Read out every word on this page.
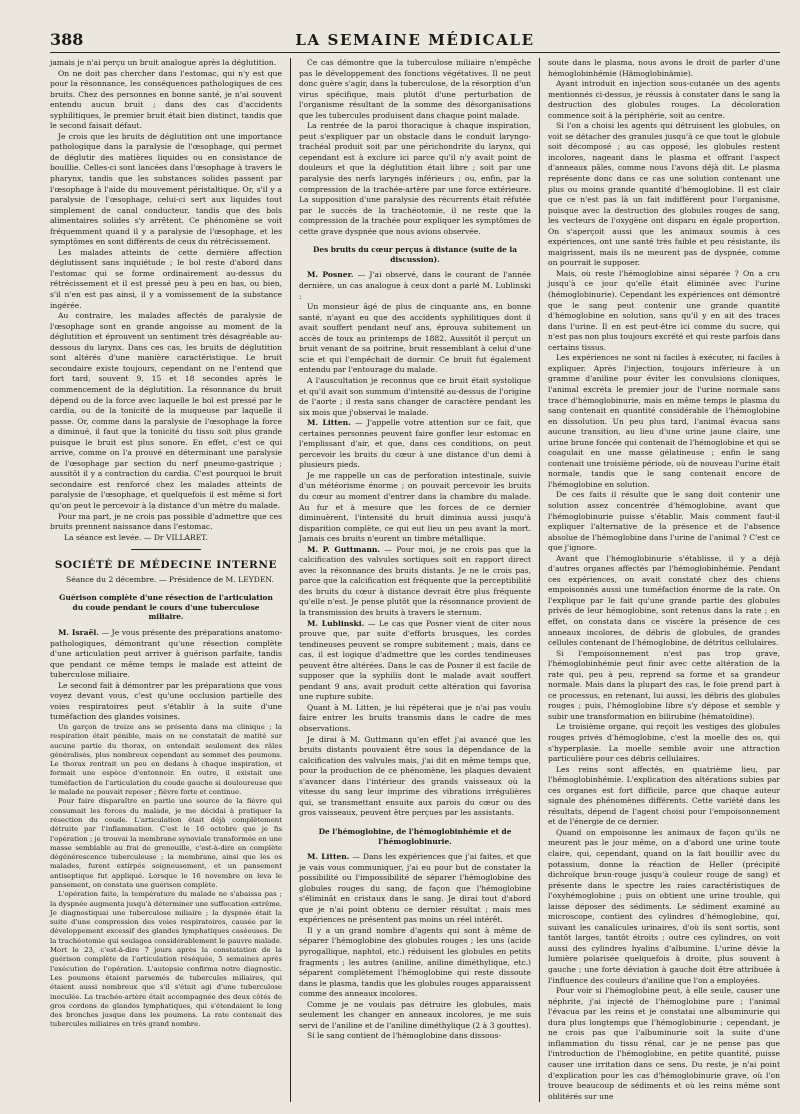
388	LA SEMAINE MÉDICALE

jamais je n'ai perçu un bruit analogue après la déglutition.

On ne doit pas chercher dans l'estomac, qui n'y est que pour la résonnance, les conséquences pathologiques de ces bruits. Chez des personnes en bonne santé, je n'ai souvent entendu aucun bruit ; dans des cas d'accidents syphilitiques, le premier bruit était bien distinct, tandis que le second faisait défaut.

Je crois que les bruits de déglutition ont une importance pathologique dans la paralysie de l'œsophage, qui permet de déglutir des matières liquides ou en consistance de bouillie. Celles-ci sont lancées dans l'œsophage à travers le pharynx, tandis que les substances solides passent par l'œsophage à l'aide du mouvement péristaltique. Or, s'il y a paralysie de l'œsophage, celui-ci sert aux liquides tout simplement de canal conducteur, tandis que des bols alimentaires solides s'y arrêtent. Ce phénomène se voit fréquemment quand il y a paralysie de l'œsophage, et les symptômes en sont différents de ceux du rétrécissement.

Les malades atteints de cette dernière affection déglutissent sans inquiétude ; le bol reste d'abord dans l'estomac qui se forme ordinairement au-dessus du rétrécissement et il est pressé peu à peu en bas, ou bien, s'il n'en est pas ainsi, il y a vomissement de la substance ingérée.

Au contraire, les malades affectés de paralysie de l'œsophage sont en grande angoisse au moment de la déglutition et éprouvent un sentiment très désagréable au-dessous du larynx. Dans ces cas, les bruits de déglutition sont altérés d'une manière caractéristique. Le bruit secondaire existe toujours, cependant on ne l'entend que fort tard, souvent 9, 15 et 18 secondes après le commencement de la déglutition. La résonnance du bruit dépend ou de la force avec laquelle le bol est pressé par le cardia, ou de la tonicité de la muqueuse par laquelle il passe. Or, comme dans la paralysie de l'œsophage la force a diminué, il faut que la tonicité du tissu soit plus grande puisque le bruit est plus sonore. En effet, c'est ce qui arrive, comme on l'a prouvé en déterminant une paralysie de l'œsophage par section du nerf pneumo-gastrique ; aussitôt il y a contraction du cardia. C'est pourquoi le bruit secondaire est renforcé chez les malades atteints de paralysie de l'œsophage, et quelquefois il est même si fort qu'on peut le percevoir à la distance d'un mètre du malade.

Pour ma part, je ne crois pas possible d'admettre que ces bruits prennent naissance dans l'estomac.

La séance est levée. — Dr VILLARET.

SOCIÉTÉ DE MÉDECINE INTERNE

Séance du 2 décembre. — Présidence de M. LEYDEN.

Guérison complète d'une résection de l'articulation du coude pendant le cours d'une tuberculose miliaire.

M. Israël. — Je vous présente des préparations anatomo-pathologiques, démontrant qu'une résection complète d'une articulation peut arriver à guérison parfaite, tandis que pendant ce même temps le malade est atteint de tuberculose miliaire.

Le second fait à démontrer par les préparations que vous voyez devant vous, c'est qu'une occlusion partielle des voies respiratoires peut s'établir à la suite d'une tuméfaction des glandes voisines.

Un garçon de treize ans se présenta dans ma clinique ; la respiration était pénible, mais on ne constatait de matité sur aucune partie du thorax, on entendait seulement des râles généralisés, plus nombreux cependant au sommet des poumons. Le thorax rentrait un peu en dedans à chaque inspiration, et formait une espèce d'entonnoir. En outre, il existait une tuméfaction de l'articulation du coude gauche si douloureuse que le malade ne pouvait reposer ; fièvre forte et continue.

Pour faire disparaître en partie une source de la fièvre qui consumait les forces du malade, je me décidai à pratiquer la résection du coude. L'articulation était déjà complètement détruite par l'inflammation. C'est le 16 octobre que je fis l'opération ; je trouvai la membrane synoviale transformée en une masse semblable au frai de grenouille, c'est-à-dire en complète dégénérescence tuberculeuse ; la membrane, ainsi que les os malades, furent extirpés soigneusement, et un pansement antiseptique fut appliqué. Lorsque le 16 novembre on leva le pansement, on constata une guérison complète.

L'opération faite, la température du malade ne s'abaissa pas ; la dyspnée augmenta jusqu'à déterminer une suffocation extrême. Je diagnostiquai une tuberculose miliaire ; la dyspnée était la suite d'une compression des voies respiratoires, causée par le développement excessif des glandes lymphatiques caséeuses. De la trachéotomie qui soulagea considérablement le pauvre malade. Mort le 23, c'est-à-dire 7 jours après la constatation de la guérison complète de l'articulation réséquée, 5 semaines après l'exécution de l'opération. L'autopsie confirma notre diagnostic. Les poumons étaient parsemés de tubercules miliaires, qui étaient aussi nombreux que s'il s'était agi d'une tuberculose inoculée. La trachée-artère était accompagnée des deux côtés de gros cordons de glandes lymphatiques, qui s'étendaient le long des bronches jusque dans les poumons. La rate contenait des tubercules miliaires en très grand nombre.

Ce cas démontre que la tuberculose miliaire n'empêche pas le développement des fonctions végétatives. Il ne peut donc guère s'agir, dans la tuberculose, de la résorption d'un virus spécifique, mais plutôt d'une perturbation de l'organisme résultant de la somme des désorganisations que les tubercules produisent dans chaque point malade.

La rentrée de la paroi thoracique à chaque inspiration, peut s'expliquer par un obstacle dans le conduit laryngo-trachéal produit soit par une périchondrite du larynx, qui cependant est à exclure ici parce qu'il n'y avait point de douleurs et que la déglutition était libre ; soit par une paralysie des nerfs laryngés inférieurs ; ou, enfin, par la compression de la trachée-artère par une force extérieure. La supposition d'une paralysie des récurrents était réfutée par le succès de la trachéotomie, il ne reste que la compression de la trachée pour expliquer les symptômes de cette grave dyspnée que nous avions observée.

Des bruits du cœur perçus à distance (suite de la discussion).

M. Posner. — J'ai observé, dans le courant de l'année dernière, un cas analogue à ceux dont a parlé M. Lublinski :

Un monsieur âgé de plus de cinquante ans, en bonne santé, n'ayant eu que des accidents syphilitiques dont il avait souffert pendant neuf ans, éprouva subitement un accès de toux au printemps de 1882. Aussitôt il perçut un bruit venant de sa poitrine, bruit ressemblant à celui d'une scie et qui l'empêchait de dormir. Ce bruit fut également entendu par l'entourage du malade.

A l'auscultation je reconnus que ce bruit était systolique et qu'il avait son summum d'intensité au-dessus de l'origine de l'aorte ; il resta sans changer de caractère pendant les six mois que j'observai le malade.

M. Litten. — J'appelle votre attention sur ce fait, que certaines personnes peuvent faire gonfler leur estomac en l'emplissant d'air, et que, dans ces conditions, on peut percevoir les bruits du cœur à une distance d'un demi à plusieurs pieds.

Je me rappelle un cas de perforation intestinale, suivie d'un météorisme énorme ; on pouvait percevoir les bruits du cœur au moment d'entrer dans la chambre du malade. Au fur et à mesure que les forces de ce dernier diminuèrent, l'intensité du bruit diminua aussi jusqu'à disparition complète, ce qui eut lieu un peu avant la mort. Jamais ces bruits n'eurent un timbre métallique.

M. P. Guttmann. — Pour moi, je ne crois pas que la calcification des valvules sortiques soit en rapport direct avec la résonnance des bruits distants. Je ne le crois pas, parce que la calcification est fréquente que la perceptibilité des bruits du cœur à distance devrait être plus fréquente qu'elle n'est. Je pense plutôt que la résonnance provient de la transmission des bruits à travers le sternum.

M. Lublinski. — Le cas que Posner vient de citer nous prouve que, par suite d'efforts brusques, les cordes tendineuses peuvent se rompre subitement ; mais, dans ce cas, il est logique d'admettre que les cordes tendineuses peuvent être altérées. Dans le cas de Posner il est facile de supposer que la syphilis dont le malade avait souffert pendant 9 ans, avait produit cette altération qui favorisa une rupture subite.

Quant à M. Litten, je lui répéterai que je n'ai pas voulu faire entrer les bruits transmis dans le cadre de mes observations.

Je dirai à M. Guttmann qu'en effet j'ai avancé que les bruits distants pouvaient être sous la dépendance de la calcification des valvules mais, j'ai dit en même temps que, pour la production de ce phénomène, les plaques devaient s'avancer dans l'intérieur des grands vaisseaux où la vitesse du sang leur imprime des vibrations irrégulières qui, se transmettant ensuite aux parois du cœur ou des gros vaisseaux, peuvent être perçues par les assistants.

De l'hémoglobine, de l'hémoglobinhémie et de l'hémoglobinurie.

M. Litten. — Dans les expériences que j'ai faites, et que je vais vous communiquer, j'ai eu pour but de constater la possibilité ou l'impossibilité de séparer l'hémoglobine des globules rouges du sang, de façon que l'hémoglobine s'éliminât en cristaux dans le sang. Je dirai tout d'abord que je n'ai point obtenu ce dernier résultat ; mais mes expériences ne présentent pas moins un réel intérêt.

Il y a un grand nombre d'agents qui sont à même de séparer l'hémoglobine des globules rouges ; les uns (acide pyrogallique, naphtol, etc.) réduisent les globules en petits fragments ; les autres (aniline, aniline diméthylique, etc.) séparent complètement l'hémoglobine qui reste dissoute dans le plasma, tandis que les globules rouges apparaissent comme des anneaux incolores.

Comme je ne voulais pas détruire les globules, mais seulement les changer en anneaux incolores, je me suis servi de l'aniline et de l'aniline diméthylique (2 à 3 gouttes).

Si le sang contient de l'hémoglobine dans dissous-

soute dans le plasma, nous avons le droit de parler d'une hémoglobinhémie (Hämoglobinämie).

Ayant introduit en injection sous-cutanée un des agents mentionnés ci-dessus, je réussis à constater dans le sang la destruction des globules rouges. La décoloration commence soit à la périphérie, soit au centre.

Si l'on a choisi les agents qui détruisent les globules, on voit se détacher des granules jusqu'à ce que tout le globule soit décomposé ; au cas opposé, les globules restent incolores, nageant dans le plasma et offrant l'aspect d'anneaux pâles, comme nous l'avons déjà dit. Le plasma représente donc dans ce cas une solution contenant une plus ou moins grande quantité d'hémoglobine. Il est clair que ce n'est pas là un fait indifférent pour l'organisme, puisque avec la destruction des globules rouges de sang, les vecteurs de l'oxygène ont disparu en égale proportion. On s'aperçoit aussi que les animaux soumis à ces expériences, ont une santé très faible et peu résistante, ils maigrissent, mais ils ne meurent pas de dyspnée, comme on pourrait le supposer.

Mais, où reste l'hémoglobine ainsi séparée ? On a cru jusqu'à ce jour qu'elle était éliminée avec l'urine (hémoglobinurie). Cependant les expériences ont démontré que le sang peut contenir une grande quantité d'hémoglobine en solution, sans qu'il y en ait des traces dans l'urine. Il en est peut-être ici comme du sucre, qui n'est pas non plus toujours excrété et qui reste parfois dans certains tissus.

Les expériences ne sont ni faciles à exécuter, ni faciles à expliquer. Après l'injection, toujours inférieure à un gramme d'aniline pour éviter les convulsions cloniques, l'animal excréta le premier jour de l'urine normale sans trace d'hémoglobinurie, mais en même temps le plasma du sang contenait en quantité considérable de l'hémoglobine en dissolution. Un peu plus tard, l'animal évacua sans aucune transition, au lieu d'une urine jaune claire, une urine brune foncée qui contenait de l'hémoglobine et qui se coagulait en une masse gélatineuse ; enfin le sang contenait une troisième période, où de nouveau l'urine était normale, tandis que le sang contenait encore de l'hémoglobine en solution.

De ces faits il résulte que le sang doit contenir une solution assez concentrée d'hémoglobine, avant que l'hémoglobinurie puisse s'établir. Mais comment faut-il expliquer l'alternative de la présence et de l'absence absolue de l'hémoglobine dans l'urine de l'animal ? C'est ce que j'ignore.

Avant que l'hémoglobinurie s'établisse, il y a déjà d'autres organes affectés par l'hémoglobinhémie. Pendant ces expériences, on avait constaté chez des chiens empoisonnés aussi une tuméfaction énorme de la rate. On l'explique par le fait qu'une grande partie des globules privés de leur hémoglobine, sont retenus dans la rate ; en effet, on constata dans ce viscère la présence de ces anneaux incolores, de débris de globules, de grandes cellules contenant de l'hémoglobine, de détritus cellulaires.

Si l'empoisonnement n'est pas trop grave, l'hémoglobinhémie peut finir avec cette altération de la rate qui, peu à peu, reprend sa forme et sa grandeur normale. Mais dans la plupart des cas, le foie prend part à ce processus, en retenant, lui aussi, les débris des globules rouges ; puis, l'hémoglobine libre s'y dépose et semble y subir une transformation en bilirubine (hématoïdine).

Le troisième organe, qui reçoit les vestiges des globules rouges privés d'hémoglobine, c'est la moelle des os, qui s'hyperplasie. La moelle semble avoir une attraction particulière pour ces débris cellulaires.

Les reins sont affectés, en quatrième lieu, par l'hémoglobinhémie. L'explication des altérations subies par ces organes est fort difficile, parce que chaque auteur signale des phénomènes différents. Cette variété dans les résultats, dépend de l'agent choisi pour l'empoisonnement et de l'énergie de ce dernier.

Quand on empoisonne les animaux de façon qu'ils ne meurent pas le jour même, on a d'abord une urine toute claire, qui, cependant, quand on la fait bouillir avec du potassium, donne la réaction de Heller (précipité dichroïque brun-rouge jusqu'à couleur rouge de sang) et présente dans le spectre les raies caractéristiques de l'oxyhémoglobine ; puis on obtient une urine trouble, qui laisse déposer des sédiments. Le sédiment examiné au microscope, contient des cylindres d'hémoglobine, qui, suivant les canalicules urinaires, d'où ils sont sortis, sont tantôt larges, tantôt étroits ; outre ces cylindres, on voit aussi des cylindres hyalins d'albumine. L'urine dévie la lumière polarisée quelquefois à droite, plus souvent à gauche ; une forte déviation à gauche doit être attribuée à l'influence des couleurs d'aniline que l'on a employées.

Pour voir si l'hémoglobine peut, à elle seule, causer une néphrite, j'ai injecté de l'hémoglobine pure ; l'animal l'évacua par les reins et je constatai une albuminurie qui dura plus longtemps que l'hémoglobinurie ; cependant, je ne crois pas que l'albuminurie soit la suite d'une inflammation du tissu rénal, car je ne pense pas que l'introduction de l'hémoglobine, en petite quantité, puisse causer une irritation dans ce sens. Du reste, je n'ai point d'explication pour les cas d'hémoglobinurie grave, où l'on trouve beaucoup de sédiments et où les reins même sont oblitérés sur une
